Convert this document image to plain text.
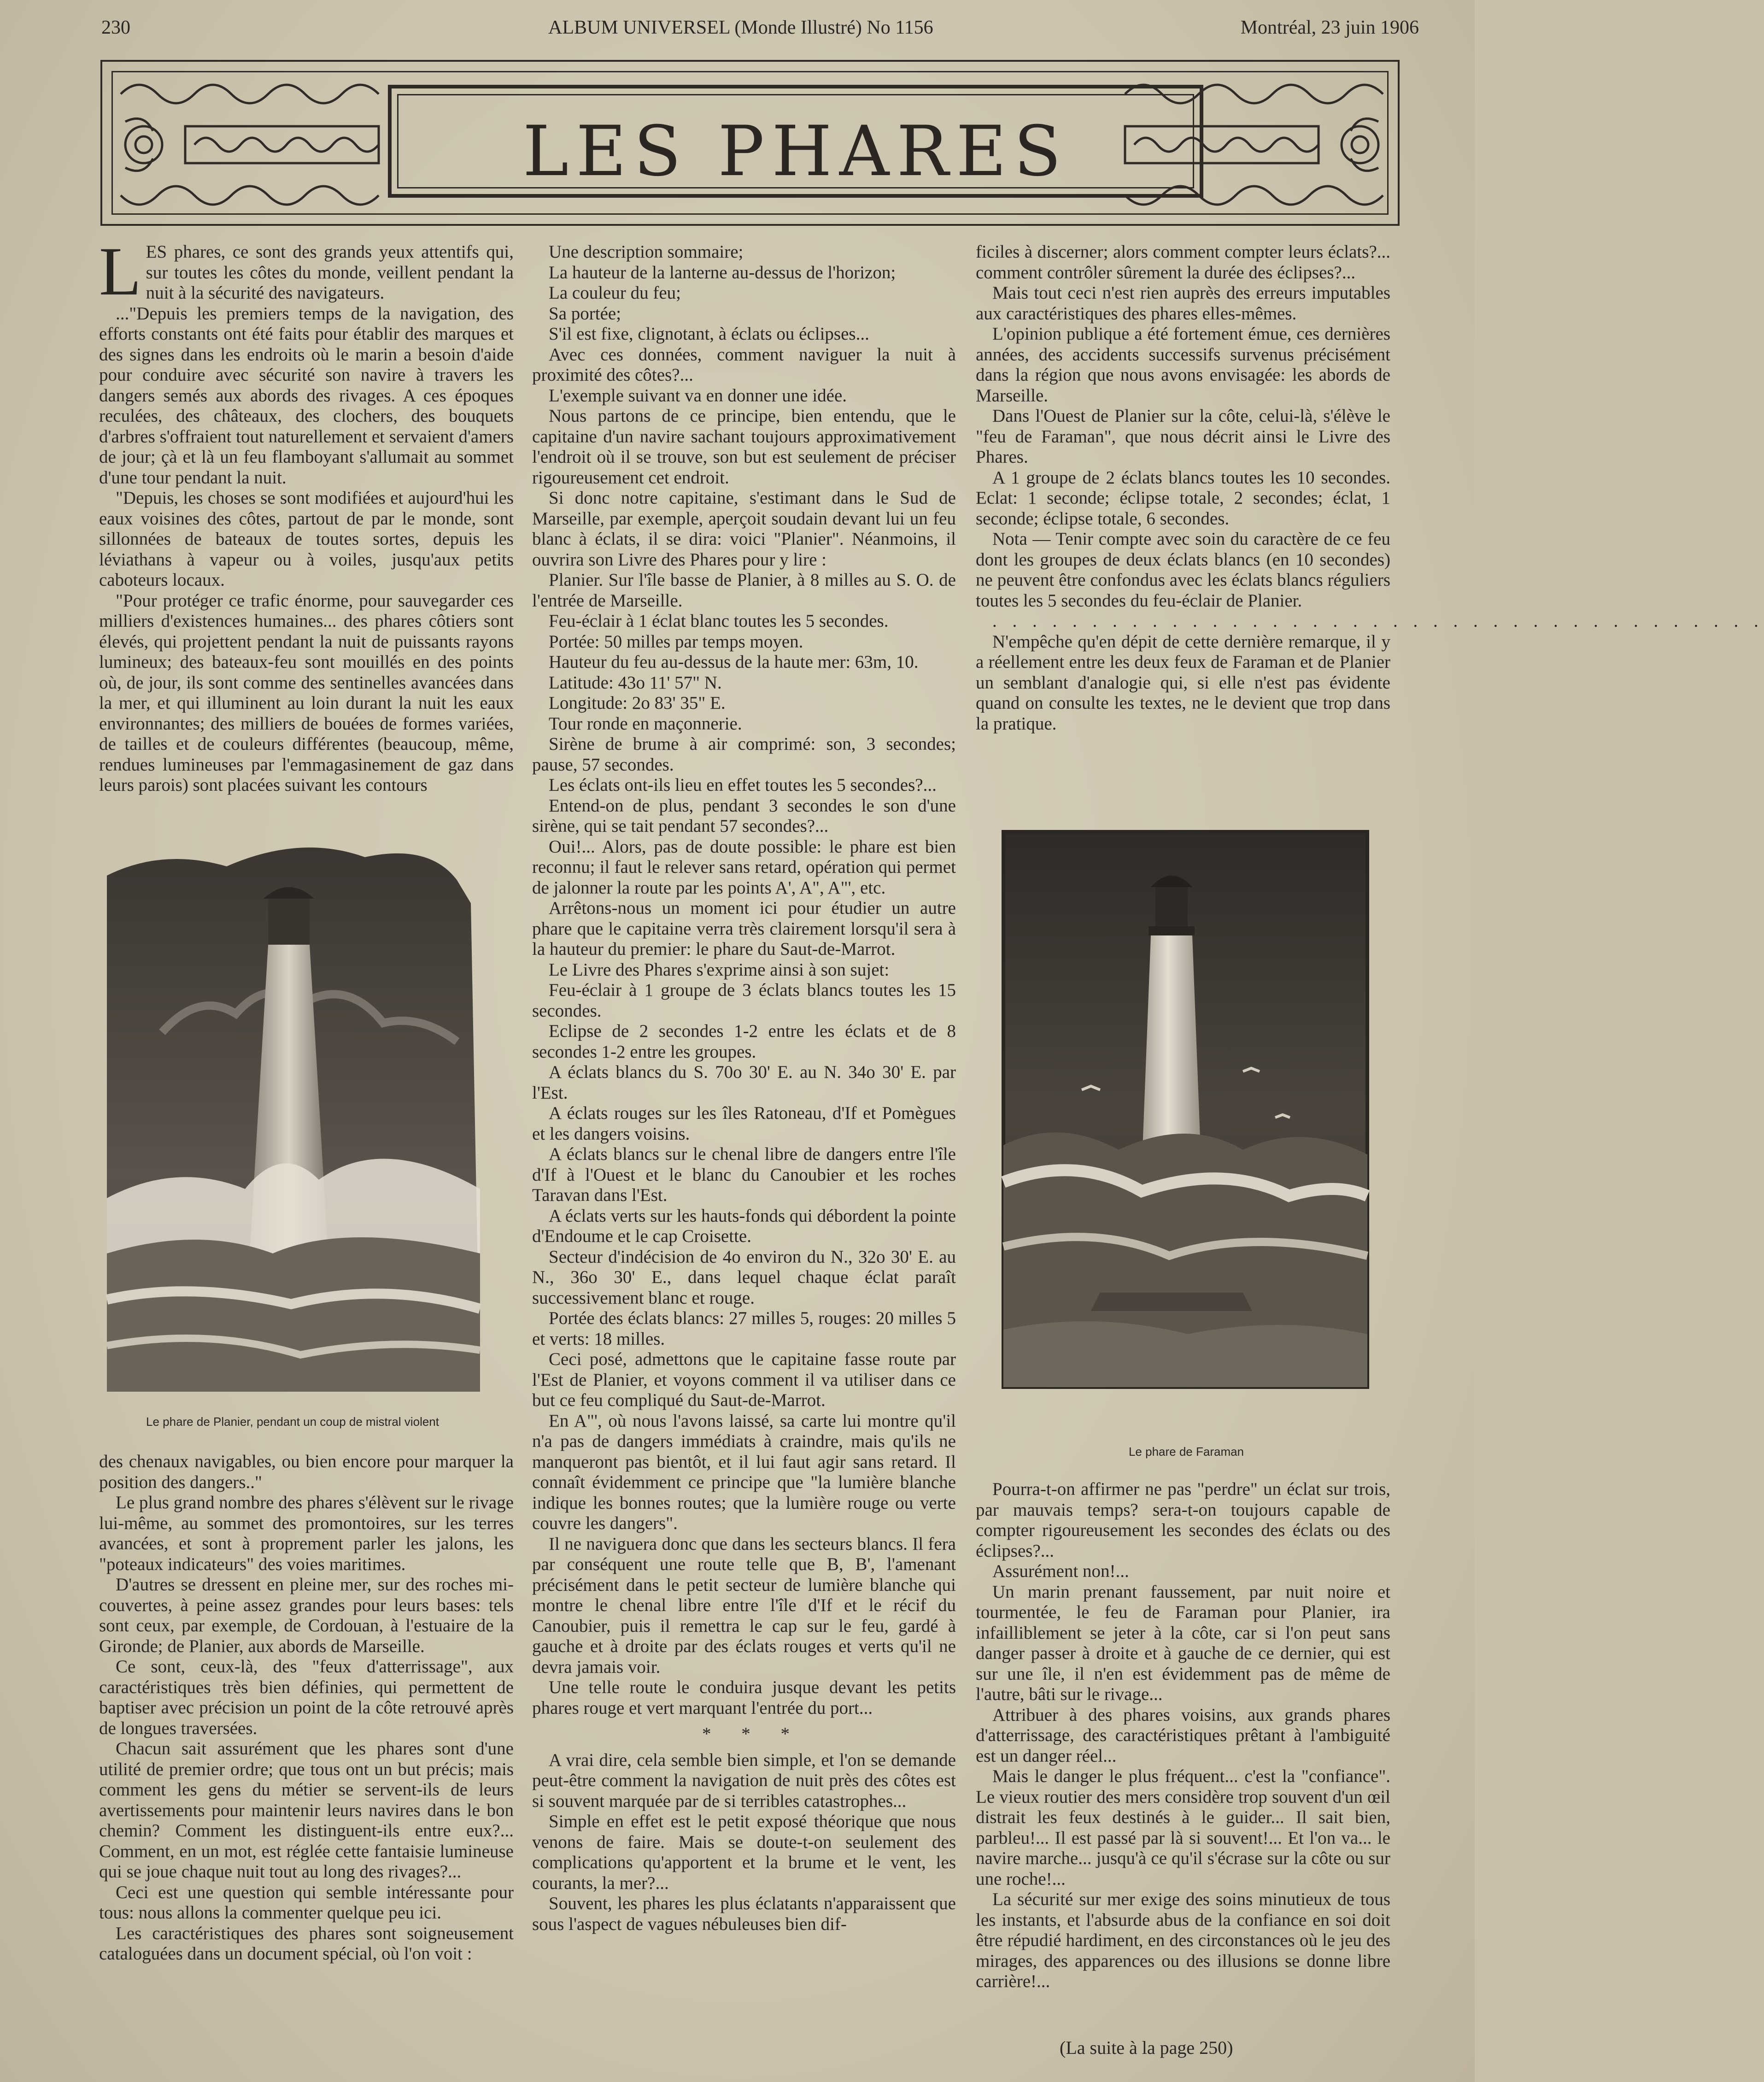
230	ALBUM UNIVERSEL (Monde Illustré) No 1156	Montréal, 23 juin 1906
LES PHARES

LES phares, ce sont des grands yeux attentifs qui, sur toutes les côtes du monde, veillent pendant la nuit à la sécurité des navigateurs.

..."Depuis les premiers temps de la navigation, des efforts constants ont été faits pour établir des marques et des signes dans les endroits où le marin a besoin d'aide pour conduire avec sécurité son navire à travers les dangers semés aux abords des rivages. A ces époques reculées, des châteaux, des clochers, des bouquets d'arbres s'offraient tout naturellement et servaient d'amers de jour; çà et là un feu flamboyant s'allumait au sommet d'une tour pendant la nuit.

"Depuis, les choses se sont modifiées et aujourd'hui les eaux voisines des côtes, partout de par le monde, sont sillonnées de bateaux de toutes sortes, depuis les léviathans à vapeur ou à voiles, jusqu'aux petits caboteurs locaux.

"Pour protéger ce trafic énorme, pour sauvegarder ces milliers d'existences humaines... des phares côtiers sont élevés, qui projettent pendant la nuit de puissants rayons lumineux; des bateaux-feu sont mouillés en des points où, de jour, ils sont comme des sentinelles avancées dans la mer, et qui illuminent au loin durant la nuit les eaux environnantes; des milliers de bouées de formes variées, de tailles et de couleurs différentes (beaucoup, même, rendues lumineuses par l'emmagasinement de gaz dans leurs parois) sont placées suivant les contours

Le phare de Planier, pendant un coup de mistral violent

des chenaux navigables, ou bien encore pour marquer la position des dangers.."

Le plus grand nombre des phares s'élèvent sur le rivage lui-même, au sommet des promontoires, sur les terres avancées, et sont à proprement parler les jalons, les "poteaux indicateurs" des voies maritimes.

D'autres se dressent en pleine mer, sur des roches mi-couvertes, à peine assez grandes pour leurs bases: tels sont ceux, par exemple, de Cordouan, à l'estuaire de la Gironde; de Planier, aux abords de Marseille.

Ce sont, ceux-là, des "feux d'atterrissage", aux caractéristiques très bien définies, qui permettent de baptiser avec précision un point de la côte retrouvé après de longues traversées.

Chacun sait assurément que les phares sont d'une utilité de premier ordre; que tous ont un but précis; mais comment les gens du métier se servent-ils de leurs avertissements pour maintenir leurs navires dans le bon chemin? Comment les distinguent-ils entre eux?... Comment, en un mot, est réglée cette fantaisie lumineuse qui se joue chaque nuit tout au long des rivages?...

Ceci est une question qui semble intéressante pour tous: nous allons la commenter quelque peu ici.

Les caractéristiques des phares sont soigneusement cataloguées dans un document spécial, où l'on voit :

Une description sommaire;

La hauteur de la lanterne au-dessus de l'horizon;

La couleur du feu;

Sa portée;

S'il est fixe, clignotant, à éclats ou éclipses...

Avec ces données, comment naviguer la nuit à proximité des côtes?...

L'exemple suivant va en donner une idée.

Nous partons de ce principe, bien entendu, que le capitaine d'un navire sachant toujours approximativement l'endroit où il se trouve, son but est seulement de préciser rigoureusement cet endroit.

Si donc notre capitaine, s'estimant dans le Sud de Marseille, par exemple, aperçoit soudain devant lui un feu blanc à éclats, il se dira: voici "Planier". Néanmoins, il ouvrira son Livre des Phares pour y lire :

Planier. Sur l'île basse de Planier, à 8 milles au S. O. de l'entrée de Marseille.

Feu-éclair à 1 éclat blanc toutes les 5 secondes.

Portée: 50 milles par temps moyen.

Hauteur du feu au-dessus de la haute mer: 63m, 10.

Latitude: 43o 11' 57" N.

Longitude: 2o 83' 35" E.

Tour ronde en maçonnerie.

Sirène de brume à air comprimé: son, 3 secondes; pause, 57 secondes.

Les éclats ont-ils lieu en effet toutes les 5 secondes?...

Entend-on de plus, pendant 3 secondes le son d'une sirène, qui se tait pendant 57 secondes?...

Oui!... Alors, pas de doute possible: le phare est bien reconnu; il faut le relever sans retard, opération qui permet de jalonner la route par les points A', A", A"', etc.

Arrêtons-nous un moment ici pour étudier un autre phare que le capitaine verra très clairement lorsqu'il sera à la hauteur du premier: le phare du Saut-de-Marrot.

Le Livre des Phares s'exprime ainsi à son sujet:

Feu-éclair à 1 groupe de 3 éclats blancs toutes les 15 secondes.

Eclipse de 2 secondes 1-2 entre les éclats et de 8 secondes 1-2 entre les groupes.

A éclats blancs du S. 70o 30' E. au N. 34o 30' E. par l'Est.

A éclats rouges sur les îles Ratoneau, d'If et Pomègues et les dangers voisins.

A éclats blancs sur le chenal libre de dangers entre l'île d'If à l'Ouest et le blanc du Canoubier et les roches Taravan dans l'Est.

A éclats verts sur les hauts-fonds qui débordent la pointe d'Endoume et le cap Croisette.

Secteur d'indécision de 4o environ du N., 32o 30' E. au N., 36o 30' E., dans lequel chaque éclat paraît successivement blanc et rouge.

Portée des éclats blancs: 27 milles 5, rouges: 20 milles 5 et verts: 18 milles.

Ceci posé, admettons que le capitaine fasse route par l'Est de Planier, et voyons comment il va utiliser dans ce but ce feu compliqué du Saut-de-Marrot.

En A"', où nous l'avons laissé, sa carte lui montre qu'il n'a pas de dangers immédiats à craindre, mais qu'ils ne manqueront pas bientôt, et il lui faut agir sans retard. Il connaît évidemment ce principe que "la lumière blanche indique les bonnes routes; que la lumière rouge ou verte couvre les dangers".

Il ne naviguera donc que dans les secteurs blancs. Il fera par conséquent une route telle que B, B', l'amenant précisément dans le petit secteur de lumière blanche qui montre le chenal libre entre l'île d'If et le récif du Canoubier, puis il remettra le cap sur le feu, gardé à gauche et à droite par des éclats rouges et verts qu'il ne devra jamais voir.

Une telle route le conduira jusque devant les petits phares rouge et vert marquant l'entrée du port...

* * *

A vrai dire, cela semble bien simple, et l'on se demande peut-être comment la navigation de nuit près des côtes est si souvent marquée par de si terribles catastrophes...

Simple en effet est le petit exposé théorique que nous venons de faire. Mais se doute-t-on seulement des complications qu'apportent et la brume et le vent, les courants, la mer?...

Souvent, les phares les plus éclatants n'apparaissent que sous l'aspect de vagues nébuleuses bien dif-

ficiles à discerner; alors comment compter leurs éclats?... comment contrôler sûrement la durée des éclipses?...

Mais tout ceci n'est rien auprès des erreurs imputables aux caractéristiques des phares elles-mêmes.

L'opinion publique a été fortement émue, ces dernières années, des accidents successifs survenus précisément dans la région que nous avons envisagée: les abords de Marseille.

Dans l'Ouest de Planier sur la côte, celui-là, s'élève le "feu de Faraman", que nous décrit ainsi le Livre des Phares.

A 1 groupe de 2 éclats blancs toutes les 10 secondes. Eclat: 1 seconde; éclipse totale, 2 secondes; éclat, 1 seconde; éclipse totale, 6 secondes.

Nota — Tenir compte avec soin du caractère de ce feu dont les groupes de deux éclats blancs (en 10 secondes) ne peuvent être confondus avec les éclats blancs réguliers toutes les 5 secondes du feu-éclair de Planier.

. . . . . . . . . . . . . . . . . . . . . . . . . . . . . . . . . . . . . . .

N'empêche qu'en dépit de cette dernière remarque, il y a réellement entre les deux feux de Faraman et de Planier un semblant d'analogie qui, si elle n'est pas évidente quand on consulte les textes, ne le devient que trop dans la pratique.

Le phare de Faraman

Pourra-t-on affirmer ne pas "perdre" un éclat sur trois, par mauvais temps? sera-t-on toujours capable de compter rigoureusement les secondes des éclats ou des éclipses?...

Assurément non!...

Un marin prenant faussement, par nuit noire et tourmentée, le feu de Faraman pour Planier, ira infailliblement se jeter à la côte, car si l'on peut sans danger passer à droite et à gauche de ce dernier, qui est sur une île, il n'en est évidemment pas de même de l'autre, bâti sur le rivage...

Attribuer à des phares voisins, aux grands phares d'atterrissage, des caractéristiques prêtant à l'ambiguité est un danger réel...

Mais le danger le plus fréquent... c'est la "confiance". Le vieux routier des mers considère trop souvent d'un œil distrait les feux destinés à le guider... Il sait bien, parbleu!... Il est passé par là si souvent!... Et l'on va... le navire marche... jusqu'à ce qu'il s'écrase sur la côte ou sur une roche!...

La sécurité sur mer exige des soins minutieux de tous les instants, et l'absurde abus de la confiance en soi doit être répudié hardiment, en des circonstances où le jeu des mirages, des apparences ou des illusions se donne libre carrière!...

(La suite à la page 250)
